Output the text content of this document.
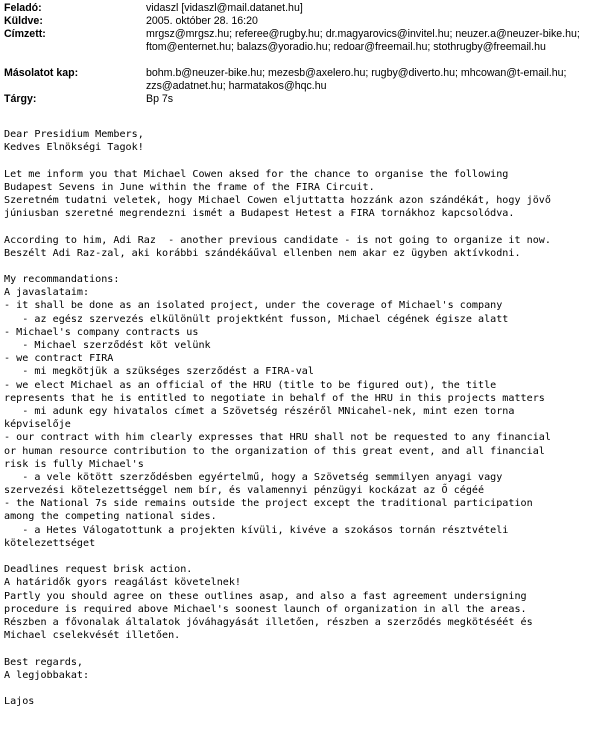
Feladó:	vidaszl [vidaszl@mail.datanet.hu]
Küldve:	2005. október 28. 16:20
Címzett:	mrgsz@mrgsz.hu; referee@rugby.hu; dr.magyarovics@invitel.hu; neuzer.a@neuzer-bike.hu; ftom@enternet.hu; balazs@yoradio.hu; redoar@freemail.hu; stothrugby@freemail.hu
Másolatot kap:	bohm.b@neuzer-bike.hu; mezesb@axelero.hu; rugby@diverto.hu; mhcowan@t-email.hu; zzs@adatnet.hu; harmatakos@hqc.hu
Tárgy:	Bp 7s
Dear Presidium Members,
Kedves Elnökségi Tagok!
Let me inform you that Michael Cowen aksed for the chance to organise the following
Budapest Sevens in June within the frame of the FIRA Circuit.
Szeretném tudatni veletek, hogy Michael Cowen eljuttatta hozzánk azon szándékát, hogy jövő
júniusban szeretné megrendezni ismét a Budapest Hetest a FIRA tornákhoz kapcsolódva.
According to him, Adi Raz  - another previous candidate - is not going to organize it now.
Beszélt Adi Raz-zal, aki korábbi szándékáűval ellenben nem akar ez ügyben aktívkodni.
My recommandations:
A javaslataim:
- it shall be done as an isolated project, under the coverage of Michael's company
- az egész szervezés elkülönült projektként fusson, Michael cégének égisze alatt
- Michael's company contracts us
- Michael szerződést köt velünk
- we contract FIRA
- mi megkötjük a szükséges szerződést a FIRA-val
- we elect Michael as an official of the HRU (title to be figured out), the title
represents that he is entitled to negotiate in behalf of the HRU in this projects matters
- mi adunk egy hivatalos címet a Szövetség részéről MNicahel-nek, mint ezen torna
képviselője
- our contract with him clearly expresses that HRU shall not be requested to any financial
or human resource contribution to the organization of this great event, and all financial
risk is fully Michael's
- a vele kötött szerződésben egyértelmű, hogy a Szövetség semmilyen anyagi vagy
szervezési kötelezettséggel nem bír, és valamennyi pénzügyi kockázat az Ő cégéé
- the National 7s side remains outside the project except the traditional participation
among the competing national sides.
- a Hetes Válogatottunk a projekten kívüli, kivéve a szokásos tornán résztvételi
kötelezettséget
Deadlines request brisk action.
A határidők gyors reagálást követelnek!
Partly you should agree on these outlines asap, and also a fast agreement undersigning
procedure is required above Michael's soonest launch of organization in all the areas.
Részben a fővonalak általatok jóváhagyását illetően, részben a szerződés megkötéséét és
Michael cselekvését illetően.
Best regards,
A legjobbakat:
Lajos
